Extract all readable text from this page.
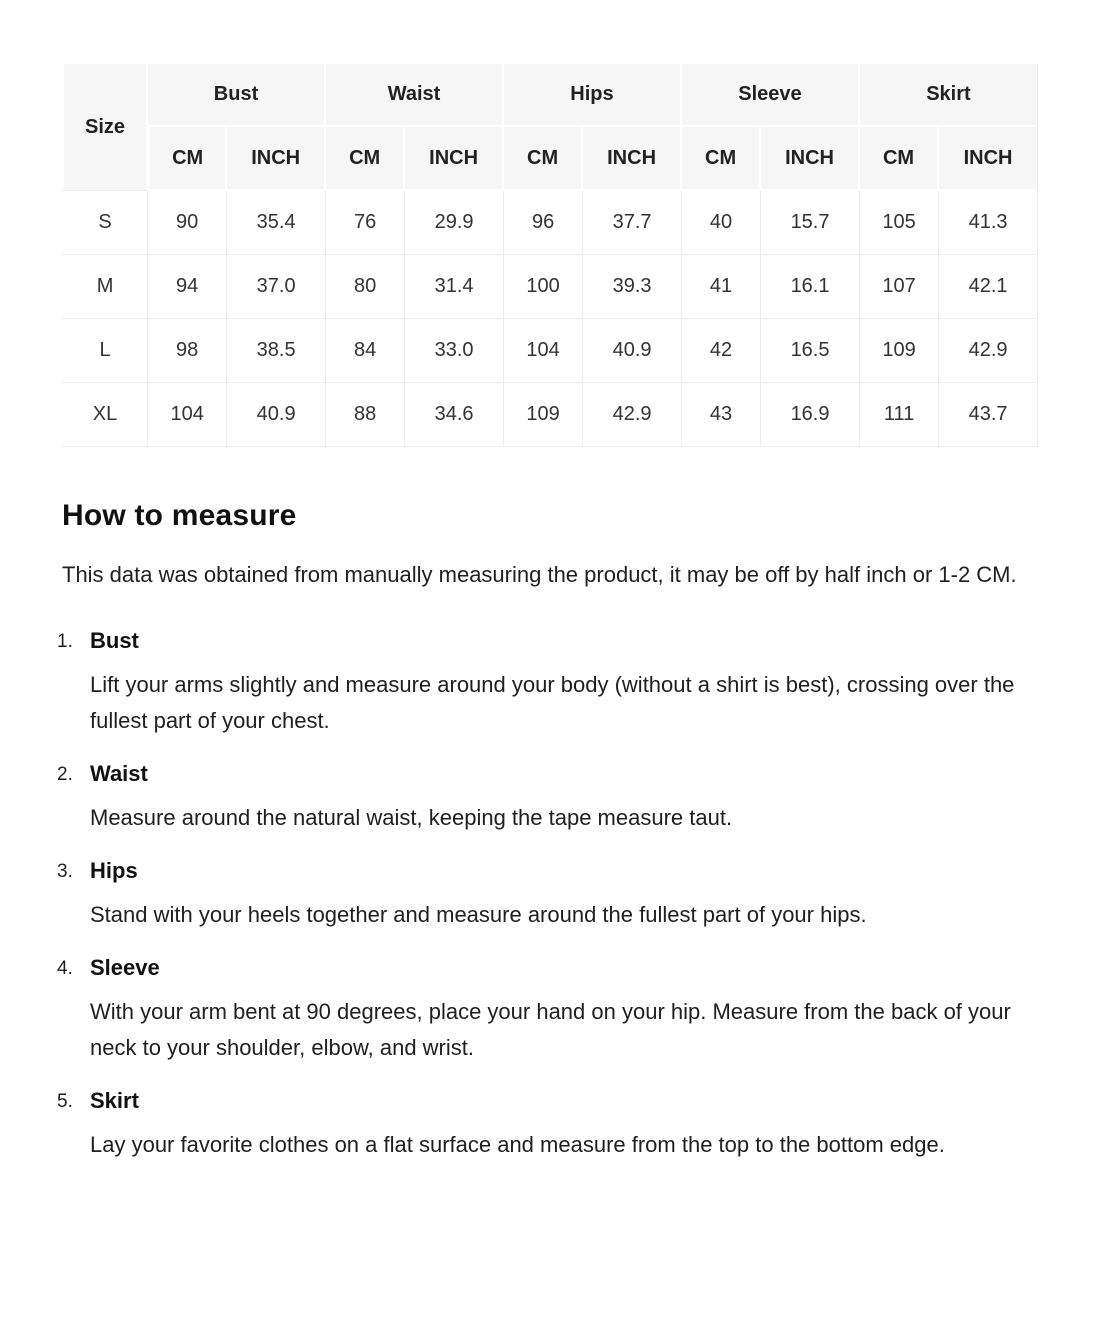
Size	Bust		Waist		Hips		Sleeve		Skirt	
	CM	INCH	CM	INCH	CM	INCH	CM	INCH	CM	INCH
S	90	35.4	76	29.9	96	37.7	40	15.7	105	41.3
M	94	37.0	80	31.4	100	39.3	41	16.1	107	42.1
L	98	38.5	84	33.0	104	40.9	42	16.5	109	42.9
XL	104	40.9	88	34.6	109	42.9	43	16.9	111	43.7
How to measure

This data was obtained from manually measuring the product, it may be off by half inch or 1-2 CM.

1. Bust

Lift your arms slightly and measure around your body (without a shirt is best), crossing over the fullest part of your chest.

2. Waist

Measure around the natural waist, keeping the tape measure taut.

3. Hips

Stand with your heels together and measure around the fullest part of your hips.

4. Sleeve

With your arm bent at 90 degrees, place your hand on your hip. Measure from the back of your neck to your shoulder, elbow, and wrist.

5. Skirt

Lay your favorite clothes on a flat surface and measure from the top to the bottom edge.
